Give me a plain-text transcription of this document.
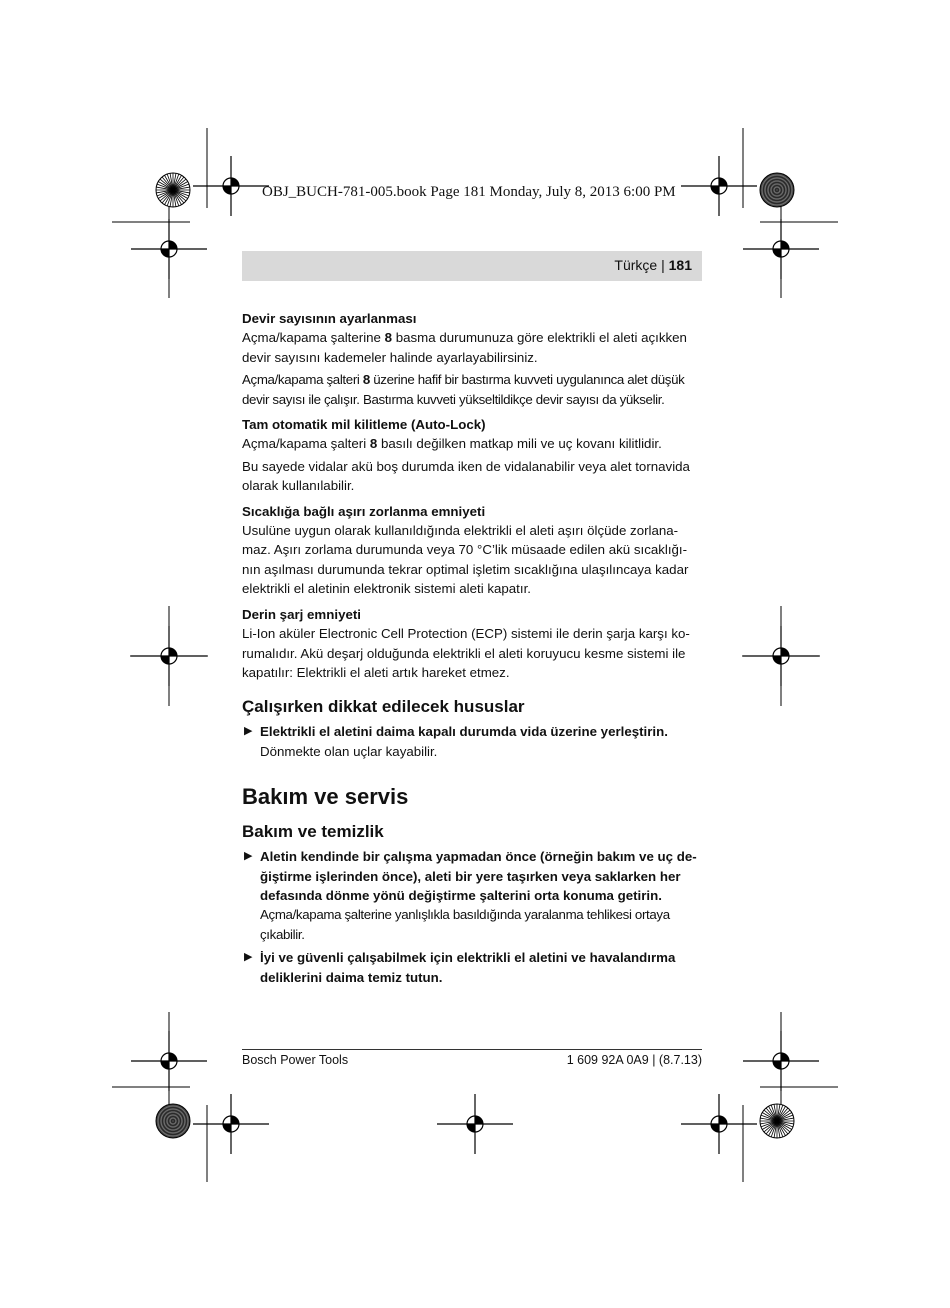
OBJ_BUCH-781-005.book Page 181 Monday, July 8, 2013 6:00 PM
Türkçe | 181

Devir sayısının ayarlanması

Açma/kapama şalterine 8 basma durumunuza göre elektrikli el aleti açıkken devir sayısını kademeler halinde ayarlayabilirsiniz.

Açma/kapama şalteri 8 üzerine hafif bir bastırma kuvveti uygulanınca alet düşük devir sayısı ile çalışır. Bastırma kuvveti yükseltildikçe devir sayısı da yükselir.

Tam otomatik mil kilitleme (Auto-Lock)

Açma/kapama şalteri 8 basılı değilken matkap mili ve uç kovanı kilitlidir.

Bu sayede vidalar akü boş durumda iken de vidalanabilir veya alet tornavida olarak kullanılabilir.

Sıcaklığa bağlı aşırı zorlanma emniyeti

Usulüne uygun olarak kullanıldığında elektrikli el aleti aşırı ölçüde zorlana-maz. Aşırı zorlama durumunda veya 70 °C’lik müsaade edilen akü sıcaklığı-nın aşılması durumunda tekrar optimal işletim sıcaklığına ulaşılıncaya kadar elektrikli el aletinin elektronik sistemi aleti kapatır.

Derin şarj emniyeti

Li-Ion aküler Electronic Cell Protection (ECP) sistemi ile derin şarja karşı ko-rumalıdır. Akü deşarj olduğunda elektrikli el aleti koruyucu kesme sistemi ile kapatılır: Elektrikli el aleti artık hareket etmez.

Çalışırken dikkat edilecek hususlar

▶ Elektrikli el aletini daima kapalı durumda vida üzerine yerleştirin.
Dönmekte olan uçlar kayabilir.

Bakım ve servis

Bakım ve temizlik

▶ Aletin kendinde bir çalışma yapmadan önce (örneğin bakım ve uç de-ğiştirme işlerinden önce), aleti bir yere taşırken veya saklarken her defasında dönme yönü değiştirme şalterini orta konuma getirin.
Açma/kapama şalterine yanlışlıkla basıldığında yaralanma tehlikesi ortaya çıkabilir.
▶ İyi ve güvenli çalışabilmek için elektrikli el aletini ve havalandırma deliklerini daima temiz tutun.
Bosch Power Tools	1 609 92A 0A9 | (8.7.13)
